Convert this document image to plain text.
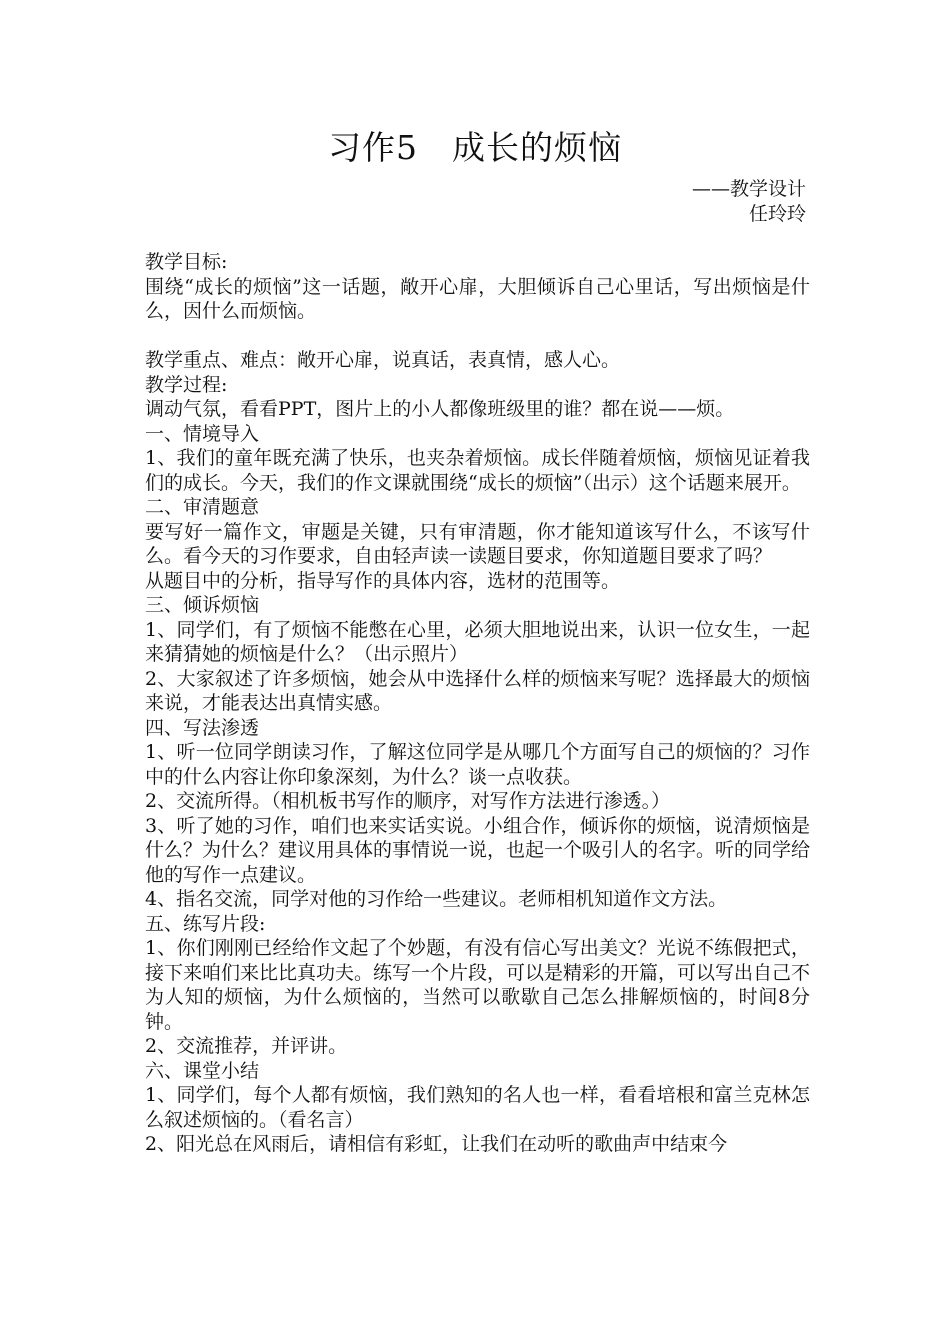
习作5　成长的烦恼
——教学设计
任玲玲

教学目标:

围绕“成长的烦恼”这一话题，敞开心扉，大胆倾诉自己心里话，写出烦恼是什么，因什么而烦恼。

教学重点、难点：敞开心扉，说真话，表真情，感人心。

教学过程:

调动气氛，看看PPT，图片上的小人都像班级里的谁？都在说——烦。

一、情境导入

1、我们的童年既充满了快乐，也夹杂着烦恼。成长伴随着烦恼，烦恼见证着我们的成长。今天，我们的作文课就围绕“成长的烦恼”（出示）这个话题来展开。

二、审清题意

要写好一篇作文，审题是关键，只有审清题，你才能知道该写什么，不该写什么。看今天的习作要求，自由轻声读一读题目要求，你知道题目要求了吗？

从题目中的分析，指导写作的具体内容，选材的范围等。

三、倾诉烦恼

1、同学们，有了烦恼不能憋在心里，必须大胆地说出来，认识一位女生，一起来猜猜她的烦恼是什么？（出示照片）

2、大家叙述了许多烦恼，她会从中选择什么样的烦恼来写呢？选择最大的烦恼来说，才能表达出真情实感。

四、写法渗透

1、听一位同学朗读习作，了解这位同学是从哪几个方面写自己的烦恼的？习作中的什么内容让你印象深刻，为什么？谈一点收获。

2、交流所得。（相机板书写作的顺序，对写作方法进行渗透。）

3、听了她的习作，咱们也来实话实说。小组合作，倾诉你的烦恼，说清烦恼是什么？为什么？建议用具体的事情说一说，也起一个吸引人的名字。听的同学给他的写作一点建议。

4、指名交流，同学对他的习作给一些建议。老师相机知道作文方法。

五、练写片段:

1、你们刚刚已经给作文起了个妙题，有没有信心写出美文？光说不练假把式，接下来咱们来比比真功夫。练写一个片段，可以是精彩的开篇，可以写出自己不为人知的烦恼，为什么烦恼的，当然可以歌歇自己怎么排解烦恼的，时间8分钟。

2、交流推荐，并评讲。

六、课堂小结

1、同学们，每个人都有烦恼，我们熟知的名人也一样，看看培根和富兰克林怎么叙述烦恼的。（看名言）

2、阳光总在风雨后，请相信有彩虹，让我们在动听的歌曲声中结束今
